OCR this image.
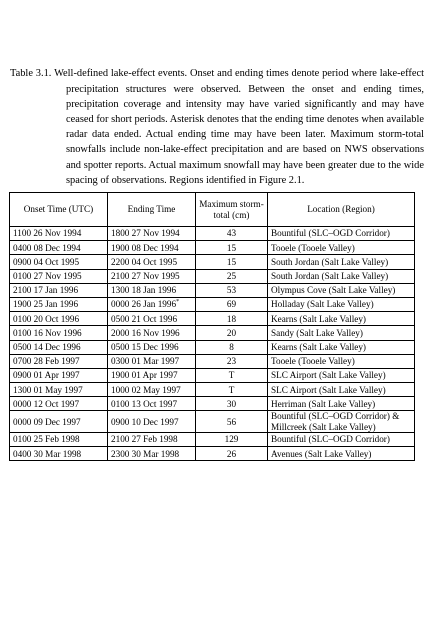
Table 3.1. Well-defined lake-effect events. Onset and ending times denote period where lake-effect precipitation structures were observed. Between the onset and ending times, precipitation coverage and intensity may have varied significantly and may have ceased for short periods. Asterisk denotes that the ending time denotes when available radar data ended. Actual ending time may have been later. Maximum storm-total snowfalls include non-lake-effect precipitation and are based on NWS observations and spotter reports. Actual maximum snowfall may have been greater due to the wide spacing of observations. Regions identified in Figure 2.1.

Onset Time (UTC)	Ending Time	Maximum storm-total (cm)	Location (Region)
1100 26 Nov 1994	1800 27 Nov 1994	43	Bountiful (SLC–OGD Corridor)
0400 08 Dec 1994	1900 08 Dec 1994	15	Tooele (Tooele Valley)
0900 04 Oct 1995	2200 04 Oct 1995	15	South Jordan (Salt Lake Valley)
0100 27 Nov 1995	2100 27 Nov 1995	25	South Jordan (Salt Lake Valley)
2100 17 Jan 1996	1300 18 Jan 1996	53	Olympus Cove (Salt Lake Valley)
1900 25 Jan 1996	0000 26 Jan 1996*	69	Holladay (Salt Lake Valley)
0100 20 Oct 1996	0500 21 Oct 1996	18	Kearns (Salt Lake Valley)
0100 16 Nov 1996	2000 16 Nov 1996	20	Sandy (Salt Lake Valley)
0500 14 Dec 1996	0500 15 Dec 1996	8	Kearns (Salt Lake Valley)
0700 28 Feb 1997	0300 01 Mar 1997	23	Tooele (Tooele Valley)
0900 01 Apr 1997	1900 01 Apr 1997	T	SLC Airport (Salt Lake Valley)
1300 01 May 1997	1000 02 May 1997	T	SLC Airport (Salt Lake Valley)
0000 12 Oct 1997	0100 13 Oct 1997	30	Herriman (Salt Lake Valley)
0000 09 Dec 1997	0900 10 Dec 1997	56	Bountiful (SLC–OGD Corridor) & Millcreek (Salt Lake Valley)
0100 25 Feb 1998	2100 27 Feb 1998	129	Bountiful (SLC–OGD Corridor)
0400 30 Mar 1998	2300 30 Mar 1998	26	Avenues (Salt Lake Valley)
